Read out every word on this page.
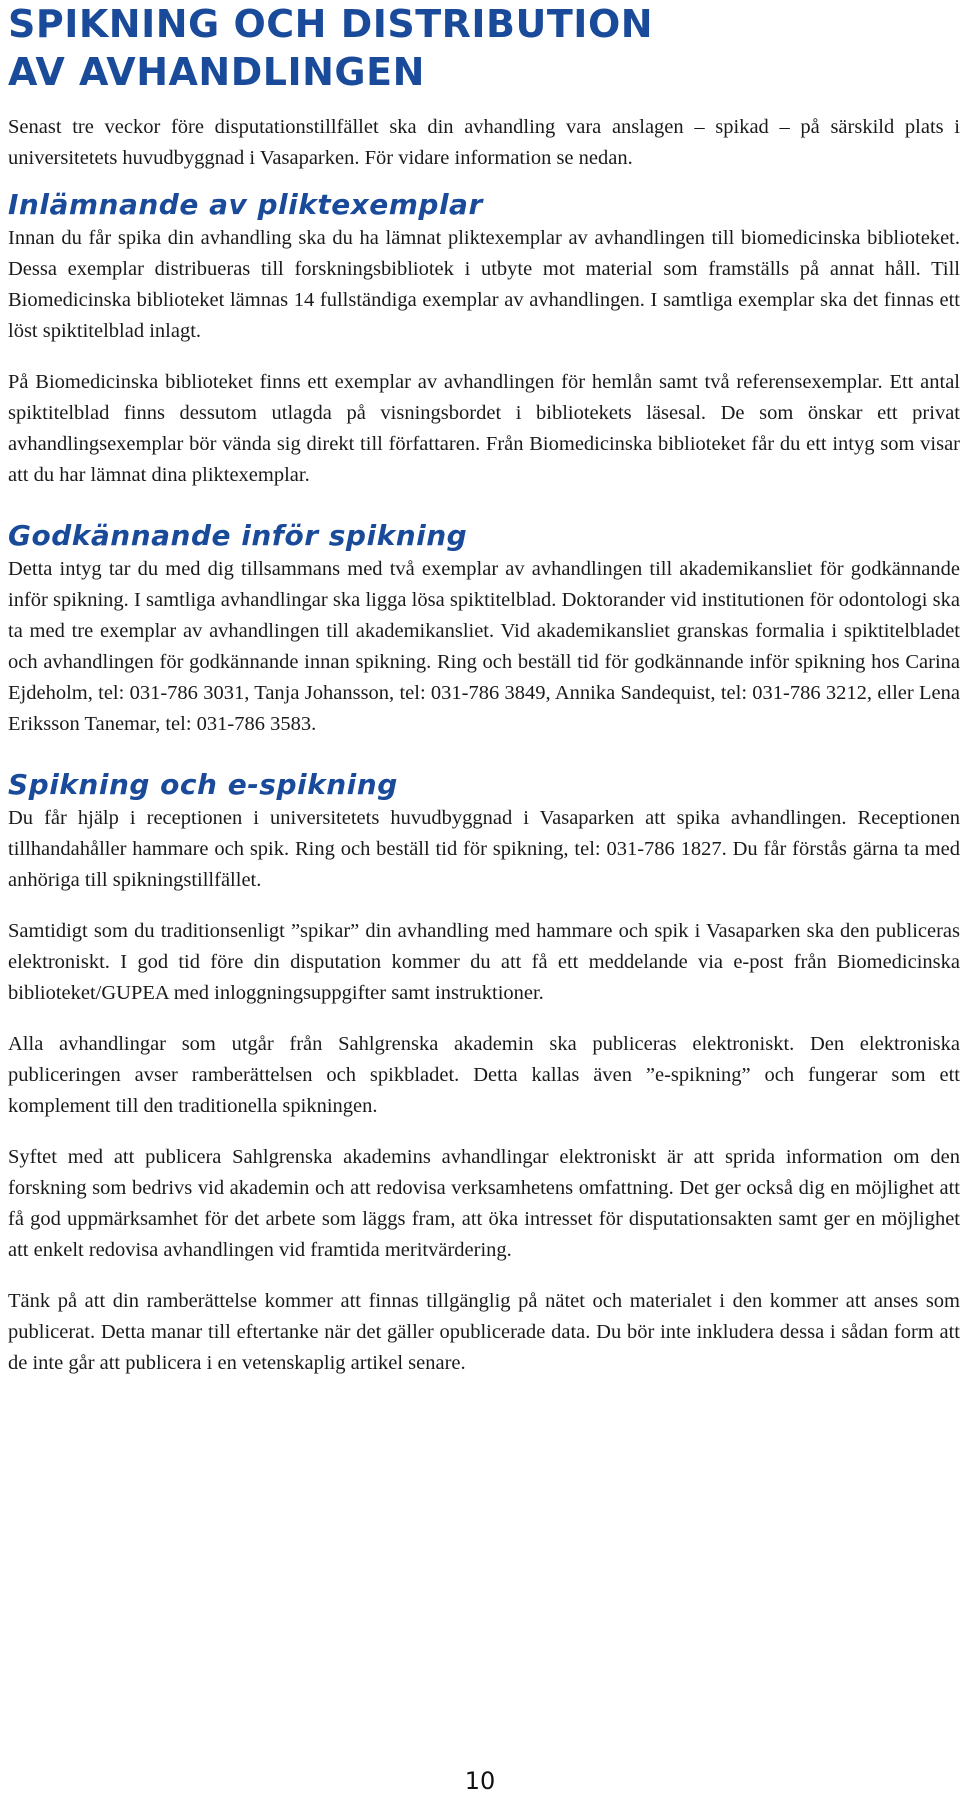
SPIKNING OCH DISTRIBUTION
AV AVHANDLINGEN

Senast tre veckor före disputationstillfället ska din avhandling vara anslagen – spikad – på särskild plats i universitetets huvudbyggnad i Vasaparken. För vidare information se nedan.

Inlämnande av pliktexemplar

Innan du får spika din avhandling ska du ha lämnat pliktexemplar av avhandlingen till biomedicinska biblioteket. Dessa exemplar distribueras till forskningsbibliotek i utbyte mot material som framställs på annat håll. Till Biomedicinska biblioteket lämnas 14 fullständiga exemplar av avhandlingen. I samtliga exemplar ska det finnas ett löst spiktitelblad inlagt.

På Biomedicinska biblioteket finns ett exemplar av avhandlingen för hemlån samt två referensexemplar. Ett antal spiktitelblad finns dessutom utlagda på visningsbordet i bibliotekets läsesal. De som önskar ett privat avhandlingsexemplar bör vända sig direkt till författaren. Från Biomedicinska biblioteket får du ett intyg som visar att du har lämnat dina pliktexemplar.

Godkännande inför spikning

Detta intyg tar du med dig tillsammans med två exemplar av avhandlingen till akademikansliet för godkännande inför spikning. I samtliga avhandlingar ska ligga lösa spiktitelblad. Doktorander vid institutionen för odontologi ska ta med tre exemplar av avhandlingen till akademikansliet. Vid akademikansliet granskas formalia i spiktitelbladet och avhandlingen för godkännande innan spikning. Ring och beställ tid för godkännande inför spikning hos Carina Ejdeholm, tel: 031-786 3031, Tanja Johansson, tel: 031-786 3849, Annika Sandequist, tel: 031-786 3212, eller Lena Eriksson Tanemar, tel: 031-786 3583.

Spikning och e-spikning

Du får hjälp i receptionen i universitetets huvudbyggnad i Vasaparken att spika avhandlingen. Receptionen tillhandahåller hammare och spik. Ring och beställ tid för spikning, tel: 031-786 1827. Du får förstås gärna ta med anhöriga till spikningstillfället.

Samtidigt som du traditionsenligt ”spikar” din avhandling med hammare och spik i Vasaparken ska den publiceras elektroniskt. I god tid före din disputation kommer du att få ett meddelande via e-post från Biomedicinska biblioteket/GUPEA med inloggningsuppgifter samt instruktioner.

Alla avhandlingar som utgår från Sahlgrenska akademin ska publiceras elektroniskt. Den elektroniska publiceringen avser ramberättelsen och spikbladet. Detta kallas även ”e-spikning” och fungerar som ett komplement till den traditionella spikningen.

Syftet med att publicera Sahlgrenska akademins avhandlingar elektroniskt är att sprida information om den forskning som bedrivs vid akademin och att redovisa verksamhetens omfattning. Det ger också dig en möjlighet att få god uppmärksamhet för det arbete som läggs fram, att öka intresset för disputationsakten samt ger en möjlighet att enkelt redovisa avhandlingen vid framtida meritvärdering.

Tänk på att din ramberättelse kommer att finnas tillgänglig på nätet och materialet i den kommer att anses som publicerat. Detta manar till eftertanke när det gäller opublicerade data. Du bör inte inkludera dessa i sådan form att de inte går att publicera i en vetenskaplig artikel senare.

10
